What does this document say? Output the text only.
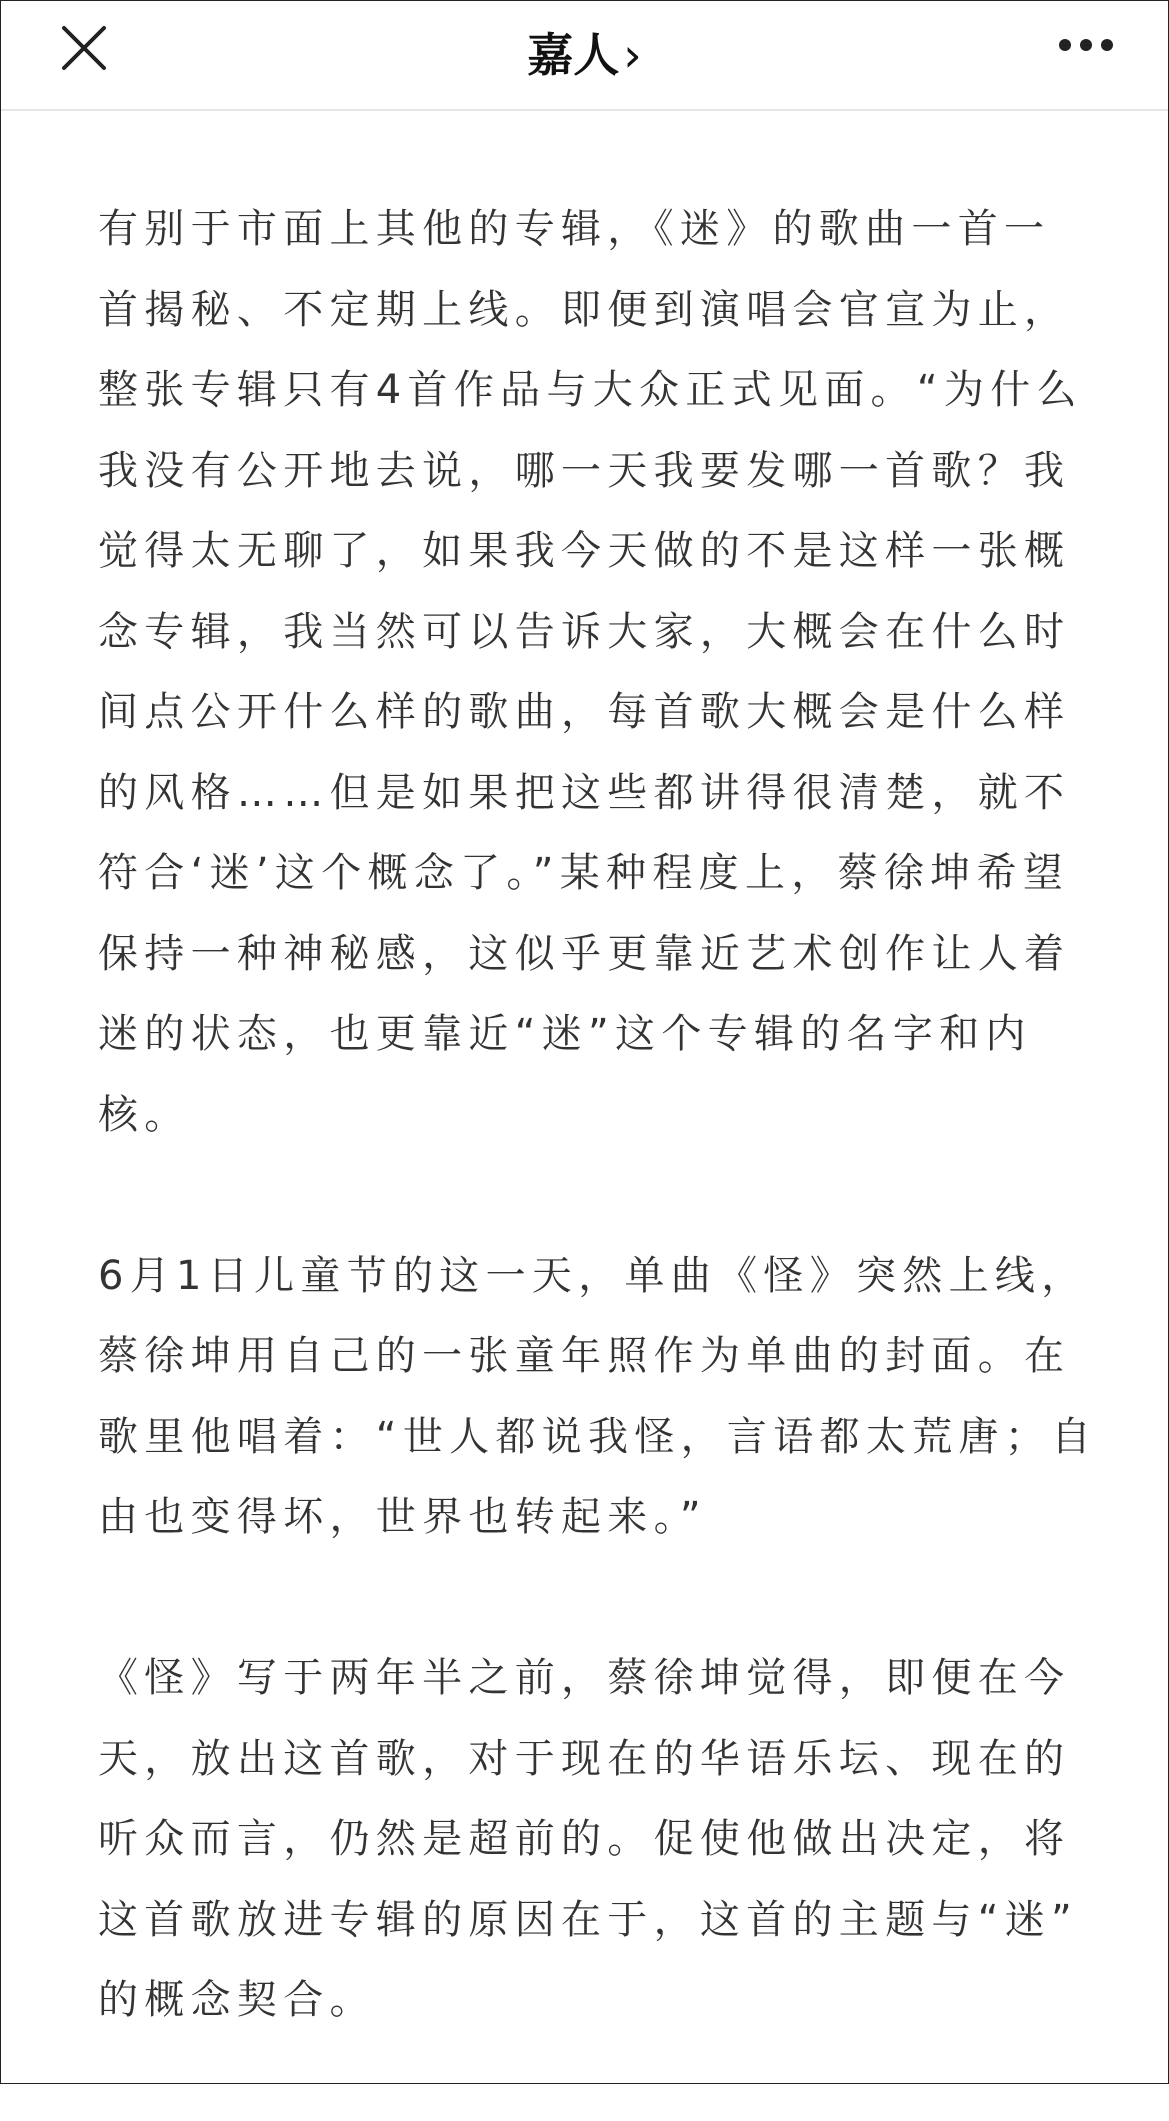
嘉人›
有别于市面上其他的专辑，《迷》的歌曲一首一
首揭秘、不定期上线。即便到演唱会官宣为止，
整张专辑只有4首作品与大众正式见面。“为什么
我没有公开地去说，哪一天我要发哪一首歌？我
觉得太无聊了，如果我今天做的不是这样一张概
念专辑，我当然可以告诉大家，大概会在什么时
间点公开什么样的歌曲，每首歌大概会是什么样
的风格……但是如果把这些都讲得很清楚，就不
符合‘迷’这个概念了。”某种程度上，蔡徐坤希望
保持一种神秘感，这似乎更靠近艺术创作让人着
迷的状态，也更靠近“迷”这个专辑的名字和内
核。
6月1日儿童节的这一天，单曲《怪》突然上线，
蔡徐坤用自己的一张童年照作为单曲的封面。在
歌里他唱着：“世人都说我怪，言语都太荒唐；自
由也变得坏，世界也转起来。”
《怪》写于两年半之前，蔡徐坤觉得，即便在今
天，放出这首歌，对于现在的华语乐坛、现在的
听众而言，仍然是超前的。促使他做出决定，将
这首歌放进专辑的原因在于，这首的主题与“迷”
的概念契合。
